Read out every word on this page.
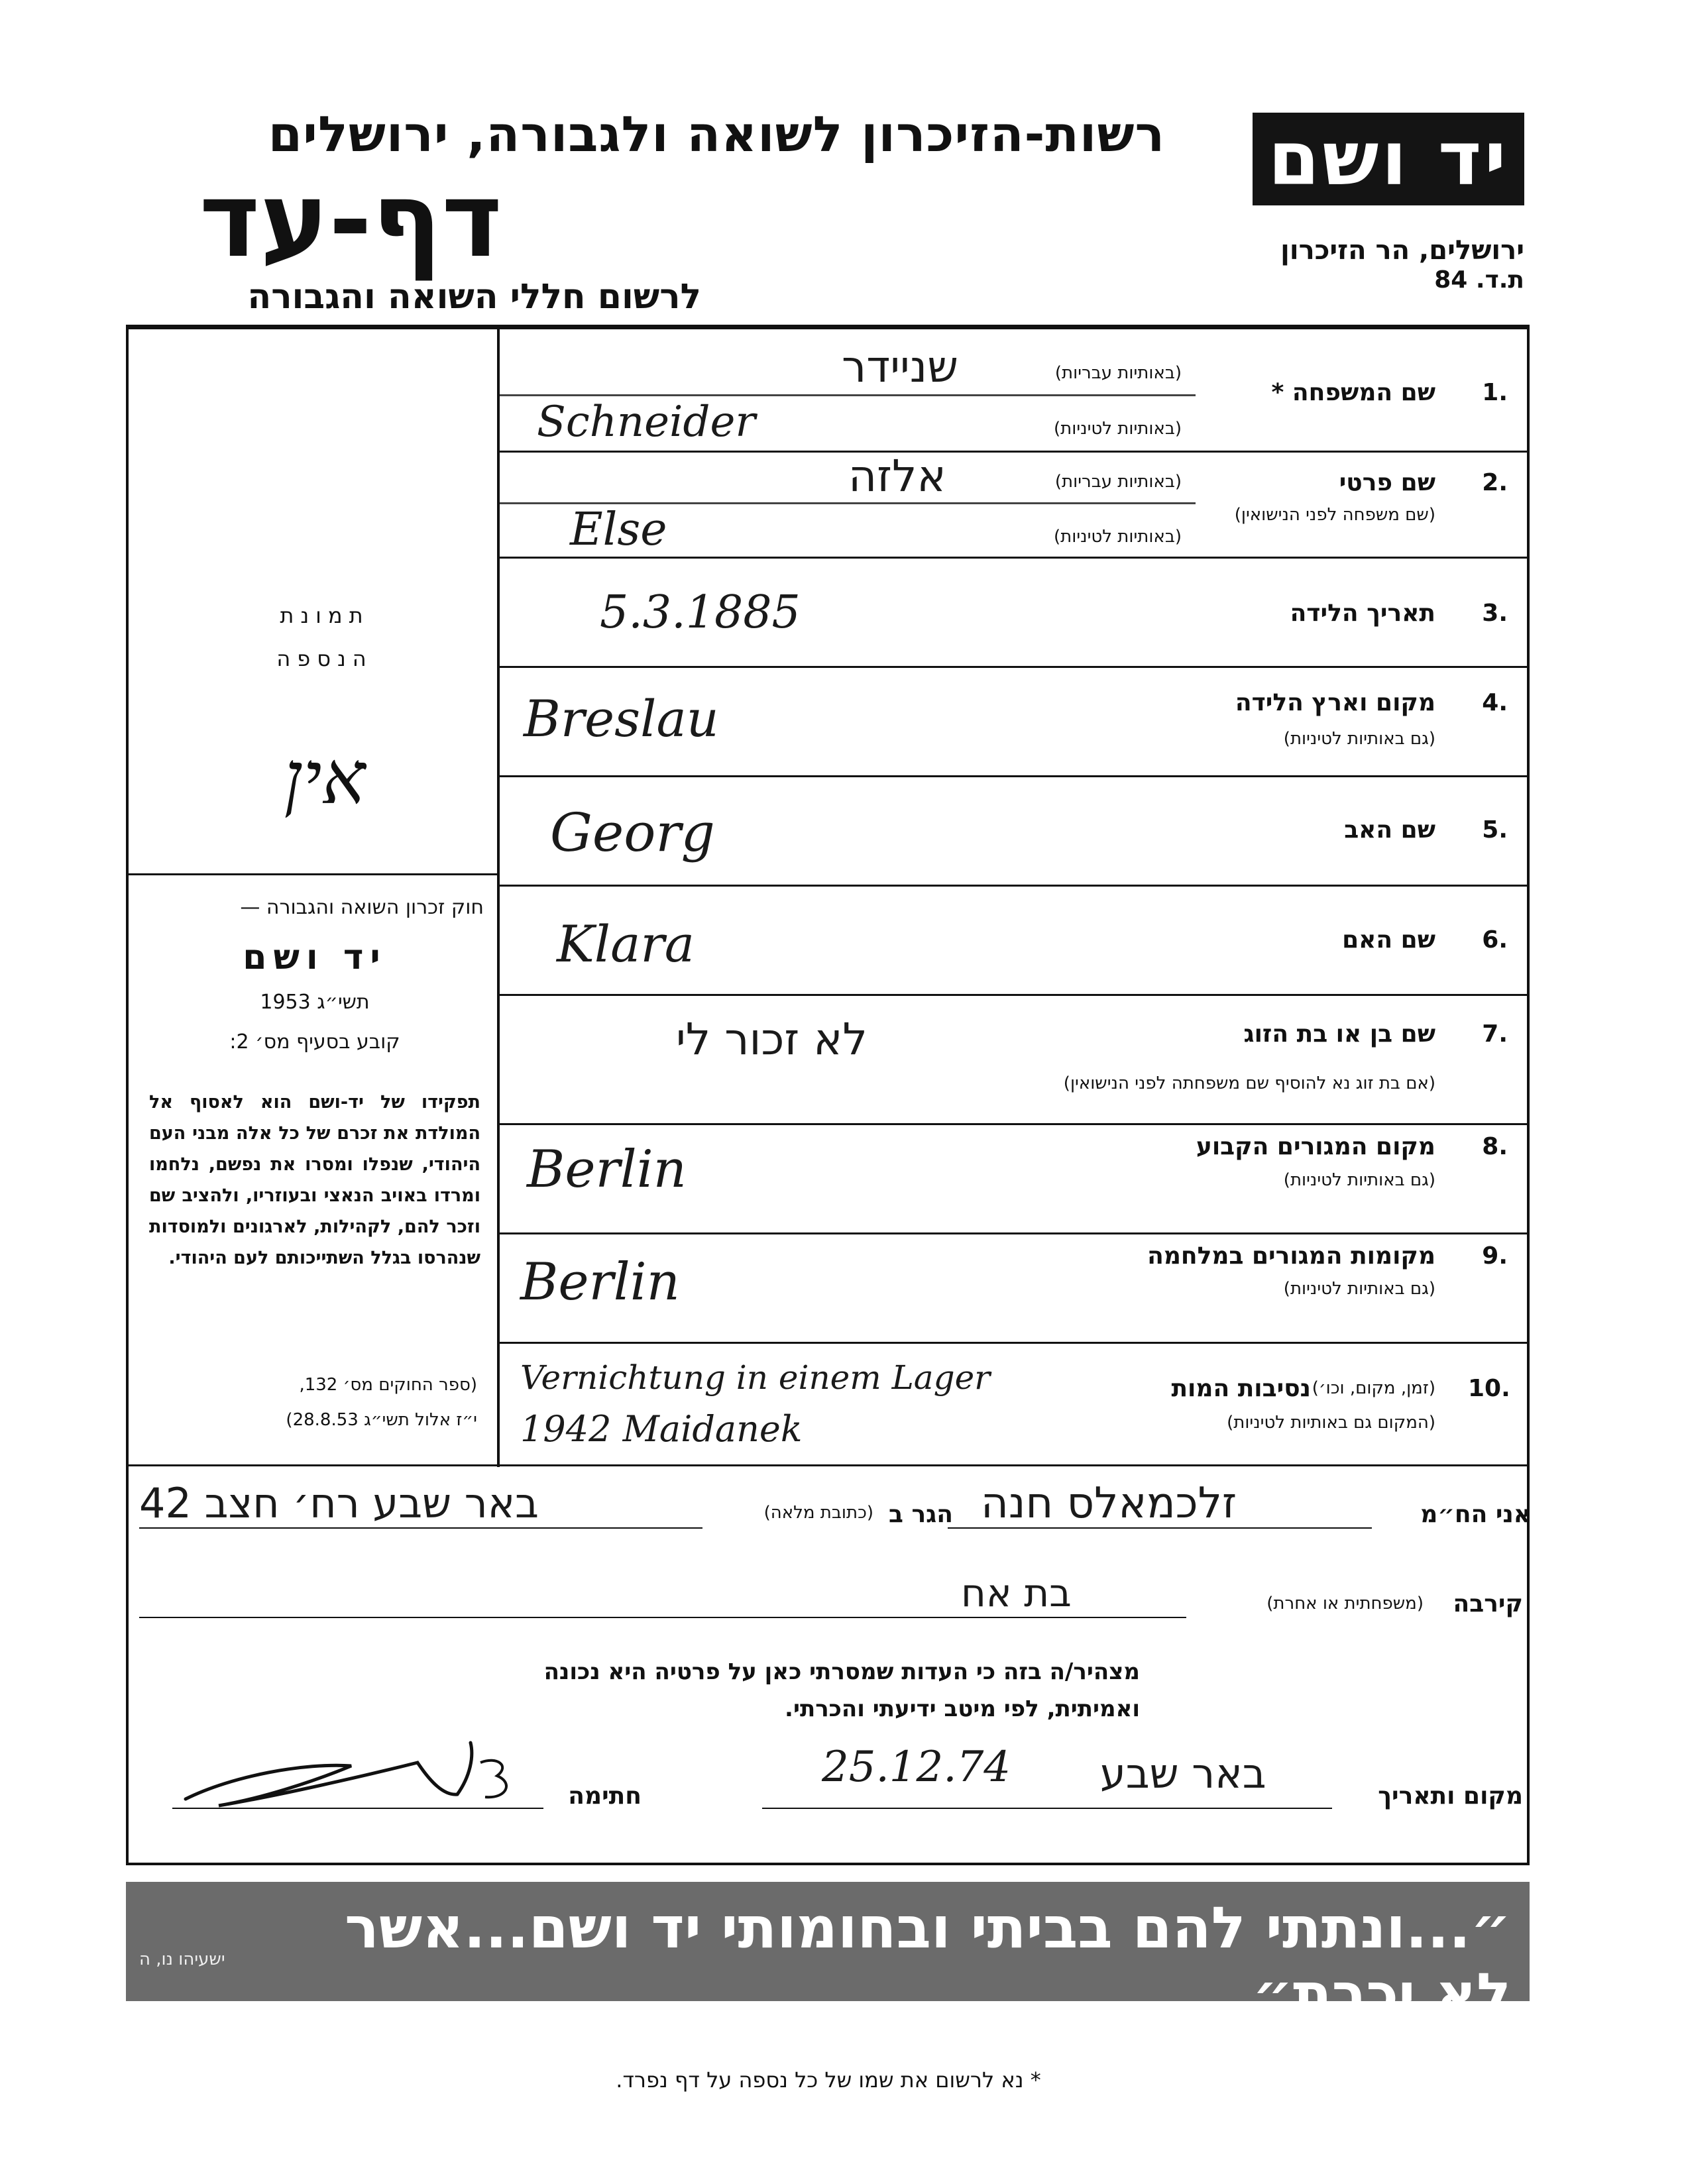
יד ושם
ירושלים, הר הזיכרון
ת.ד. 84
רשות-הזיכרון לשואה ולגבורה, ירושלים
דף-עד
לרשום חללי השואה והגבורה
1.
שם המשפחה *
(באותיות עבריות)
שניידר
(באותיות לטיניות)
Schneider
2.
שם פרטי
(שם משפחה לפני הנישואין)
(באותיות עבריות)
אלזה
(באותיות לטיניות)
Else
3.
תאריך הלידה
5.3.1885
4.
מקום וארץ הלידה
(גם באותיות לטיניות)
Breslau
5.
שם האב
Georg
6.
שם האם
Klara
7.
שם בן או בת הזוג
(אם בת זוג נא להוסיף שם משפחתה לפני הנישואין)
לא זכור לי
8.
מקום המגורים הקבוע
(גם באותיות לטיניות)
Berlin
9.
מקומות המגורים במלחמה
(גם באותיות לטיניות)
Berlin
10.
נסיבות המות (זמן, מקום, וכו׳)
(המקום גם באותיות לטיניות)
Vernichtung in einem Lager
1942 Maidanek
תמונת
הנספה
אין
חוק זכרון השואה והגבורה —
יד ושם
תשי״ג 1953
קובע בסעיף מס׳ 2:
תפקידו של יד-ושם הוא לאסוף אל המולדת את זכרם של כל אלה מבני העם היהודי, שנפלו ומסרו את נפשם, נלחמו ומרדו באויב הנאצי ובעוזריו, ולהציב שם וזכר להם, לקהילות, לארגונים ולמוסדות שנהרסו בגלל השתייכותם לעם היהודי.
(ספר החוקים מס׳ 132,
י״ז אלול תשי״ג 28.8.53)
אני הח״מ
זלכמאלס חנה
הגר ב
(כתובת מלאה)
באר שבע רח׳ חצב 42
קירבה
(משפחתית או אחרת)
בת אח
מצהיר/ה בזה כי העדות שמסרתי כאן על פרטיה היא נכונה ואמיתית, לפי מיטב ידיעתי והכרתי.
מקום ותאריך
באר שבע
25.12.74
חתימה
״...ונתתי להם בביתי ובחומותי יד ושם...אשר לא יכרת״
ישעיהו נו, ה
* נא לרשום את שמו של כל נספה על דף נפרד.
